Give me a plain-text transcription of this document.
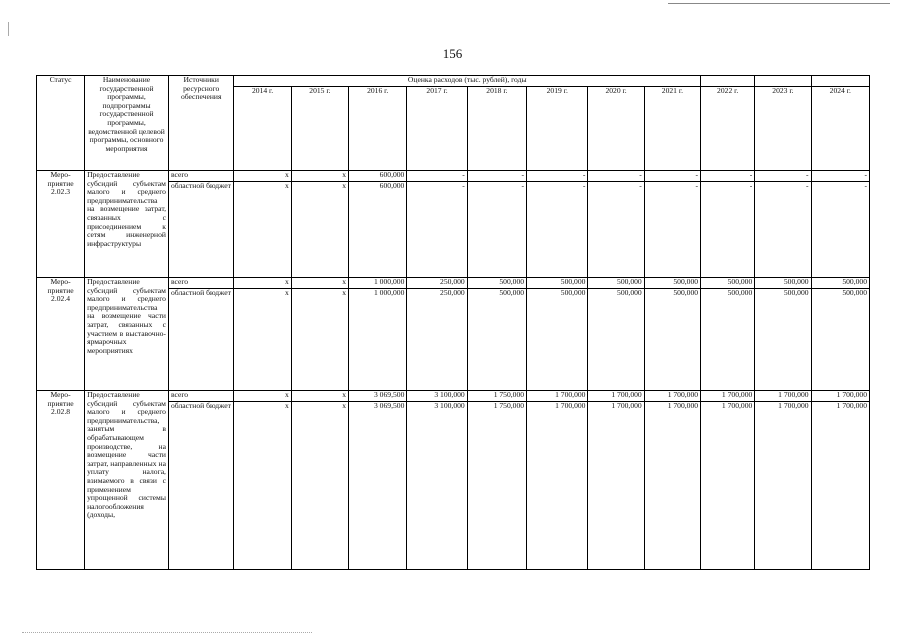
156
Статус	Наименование государственной программы, подпрограммы государственной программы, ведомственной целевой программы, основного мероприятия	Источники ресурсного обеспечения	Оценка расходов (тыс. рублей), годы										
			2014 г.	2015 г.	2016 г.	2017 г.	2018 г.	2019 г.	2020 г.	2021 г.	2022 г.	2023 г.	2024 г.
Меро-приятие 2.02.3	Предоставление субсидий субъектам малого и среднего предпринимательства на возмещение затрат, связанных с присоединением к сетям инженерной инфраструктуры	всего	х	х	600,000	-	-	-	-	-	-	-	-
		областной бюджет	х	х	600,000	-	-	-	-	-	-	-	-
Меро-приятие 2.02.4	Предоставление субсидий субъектам малого и среднего предпринимательства на возмещение части затрат, связанных с участием в выставочно-ярмарочных мероприятиях	всего	х	х	1 000,000	250,000	500,000	500,000	500,000	500,000	500,000	500,000	500,000
		областной бюджет	х	х	1 000,000	250,000	500,000	500,000	500,000	500,000	500,000	500,000	500,000
Меро-приятие 2.02.8	Предоставление субсидий субъектам малого и среднего предпринимательства, занятым в обрабатывающем производстве, на возмещение части затрат, направленных на уплату налога, взимаемого в связи с применением упрощенной системы налогообложения (доходы,	всего	х	х	3 069,500	3 100,000	1 750,000	1 700,000	1 700,000	1 700,000	1 700,000	1 700,000	1 700,000
		областной бюджет	х	х	3 069,500	3 100,000	1 750,000	1 700,000	1 700,000	1 700,000	1 700,000	1 700,000	1 700,000
